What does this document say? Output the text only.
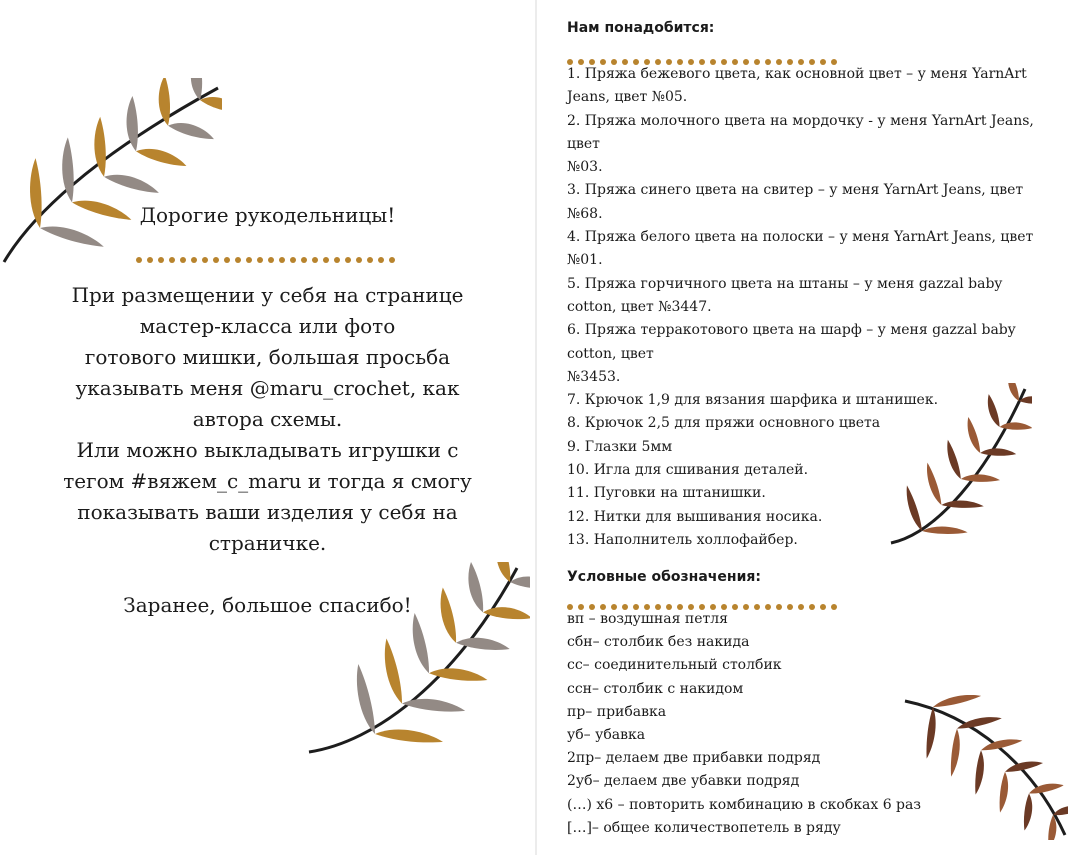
Дорогие рукодельницы!
При размещении у себя на странице
мастер-класса или фото
готового мишки, большая просьба
указывать меня @maru_crochet, как
автора схемы.
Или можно выкладывать игрушки с
тегом #вяжем_с_maru и тогда я смогу
показывать ваши изделия у себя на
страничке.
Заранее, большое спасибо!
Нам понадобится:
1. Пряжа бежевого цвета, как основной цвет – у меня YarnArt
Jeans, цвет №05.
2. Пряжа молочного цвета на мордочку - у меня YarnArt Jeans,
цвет
№03.
3. Пряжа синего цвета на свитер – у меня YarnArt Jeans, цвет
№68.
4. Пряжа белого цвета на полоски – у меня YarnArt Jeans, цвет
№01.
5. Пряжа горчичного цвета на штаны – у меня gazzal baby
cotton, цвет №3447.
6. Пряжа терракотового цвета на шарф – у меня gazzal baby
cotton, цвет
№3453.
7. Крючок 1,9 для вязания шарфика и штанишек.
8. Крючок 2,5 для пряжи основного цвета
9. Глазки 5мм
10. Игла для сшивания деталей.
11. Пуговки на штанишки.
12. Нитки для вышивания носика.
13. Наполнитель холлофайбер.
Условные обозначения:
вп – воздушная петля
сбн– столбик без накида
сс– соединительный столбик
ссн– столбик с накидом
пр– прибавка
уб– убавка
2пр– делаем две прибавки подряд
2уб– делаем две убавки подряд
(…) х6 – повторить комбинацию в скобках 6 раз
[…]– общее количествопетель в ряду
